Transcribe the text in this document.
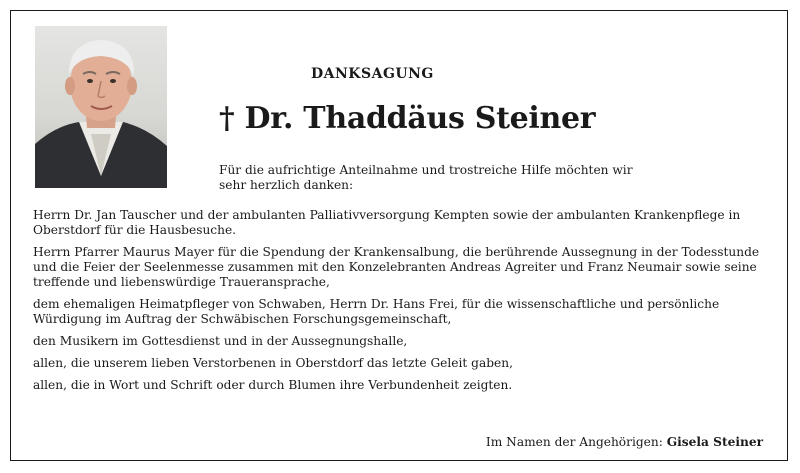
DANKSAGUNG
† Dr. Thaddäus Steiner
Für die aufrichtige Anteilnahme und trostreiche Hilfe möchten wir sehr herzlich danken:

Herrn Dr. Jan Tauscher und der ambulanten Palliativversorgung Kempten sowie der ambulanten Krankenpflege in Oberstdorf für die Hausbesuche.

Herrn Pfarrer Maurus Mayer für die Spendung der Krankensalbung, die berührende Aussegnung in der Todesstunde und die Feier der Seelenmesse zusammen mit den Konzelebranten Andreas Agreiter und Franz Neumair sowie seine treffende und liebenswürdige Traueransprache,

dem ehemaligen Heimatpfleger von Schwaben, Herrn Dr. Hans Frei, für die wissenschaftliche und persönliche Würdigung im Auftrag der Schwäbischen Forschungsgemeinschaft,

den Musikern im Gottesdienst und in der Aussegnungshalle,

allen, die unserem lieben Verstorbenen in Oberstdorf das letzte Geleit gaben,

allen, die in Wort und Schrift oder durch Blumen ihre Verbundenheit zeigten.

Im Namen der Angehörigen: Gisela Steiner
